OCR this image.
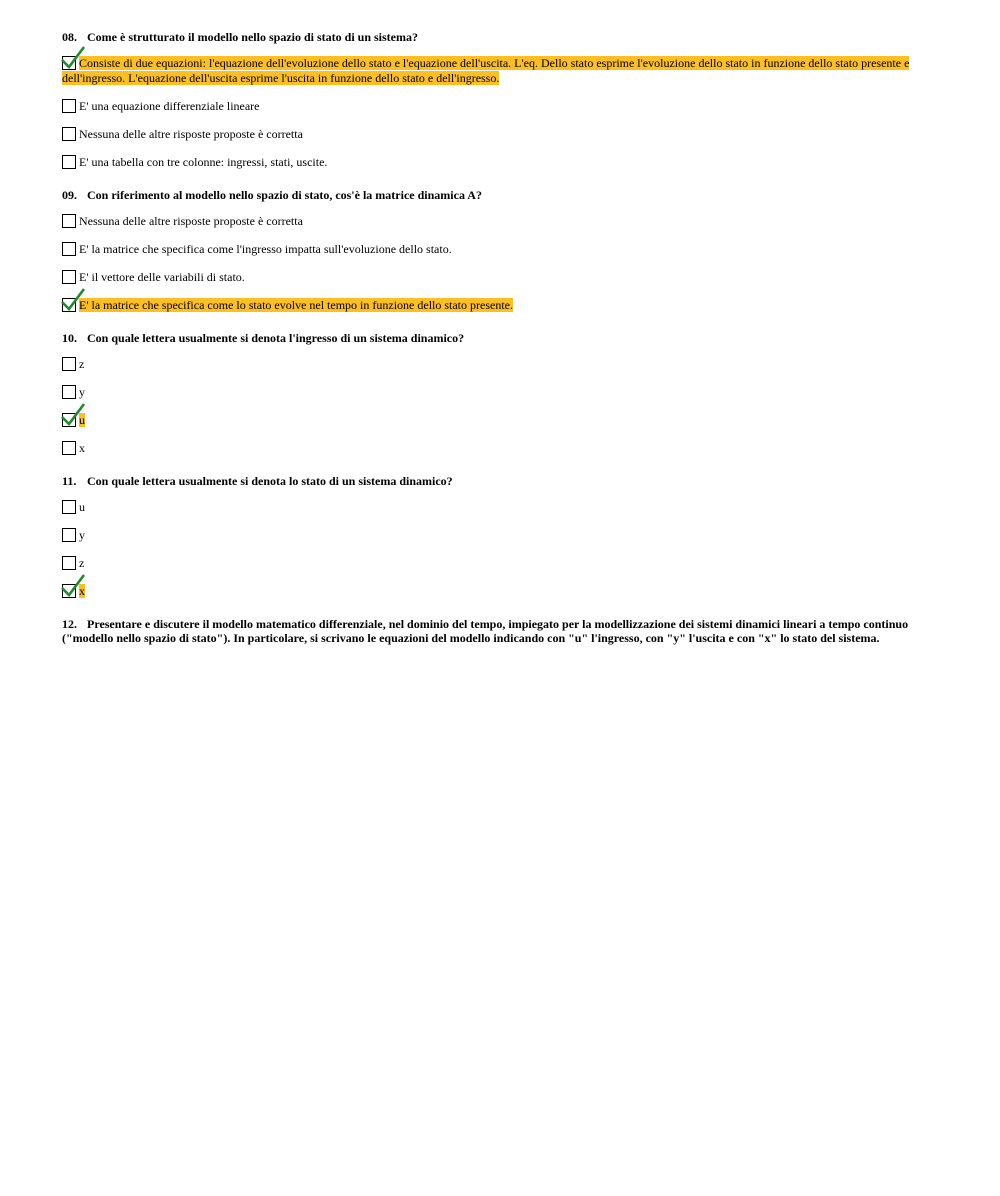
08. Come è strutturato il modello nello spazio di stato di un sistema?
Consiste di due equazioni: l'equazione dell'evoluzione dello stato e l'equazione dell'uscita. L'eq. Dello stato esprime l'evoluzione dello stato in funzione dello stato presente e dell'ingresso. L'equazione dell'uscita esprime l'uscita in funzione dello stato e dell'ingresso.
E' una equazione differenziale lineare
Nessuna delle altre risposte proposte è corretta
E' una tabella con tre colonne: ingressi, stati, uscite.
09. Con riferimento al modello nello spazio di stato, cos'è la matrice dinamica A?
Nessuna delle altre risposte proposte è corretta
E' la matrice che specifica come l'ingresso impatta sull'evoluzione dello stato.
E' il vettore delle variabili di stato.
E' la matrice che specifica come lo stato evolve nel tempo in funzione dello stato presente.
10. Con quale lettera usualmente si denota l'ingresso di un sistema dinamico?
z
y
u
x
11. Con quale lettera usualmente si denota lo stato di un sistema dinamico?
u
y
z
x
12. Presentare e discutere il modello matematico differenziale, nel dominio del tempo, impiegato per la modellizzazione dei sistemi dinamici lineari a tempo continuo ("modello nello spazio di stato"). In particolare, si scrivano le equazioni del modello indicando con "u" l'ingresso, con "y" l'uscita e con "x" lo stato del sistema.
